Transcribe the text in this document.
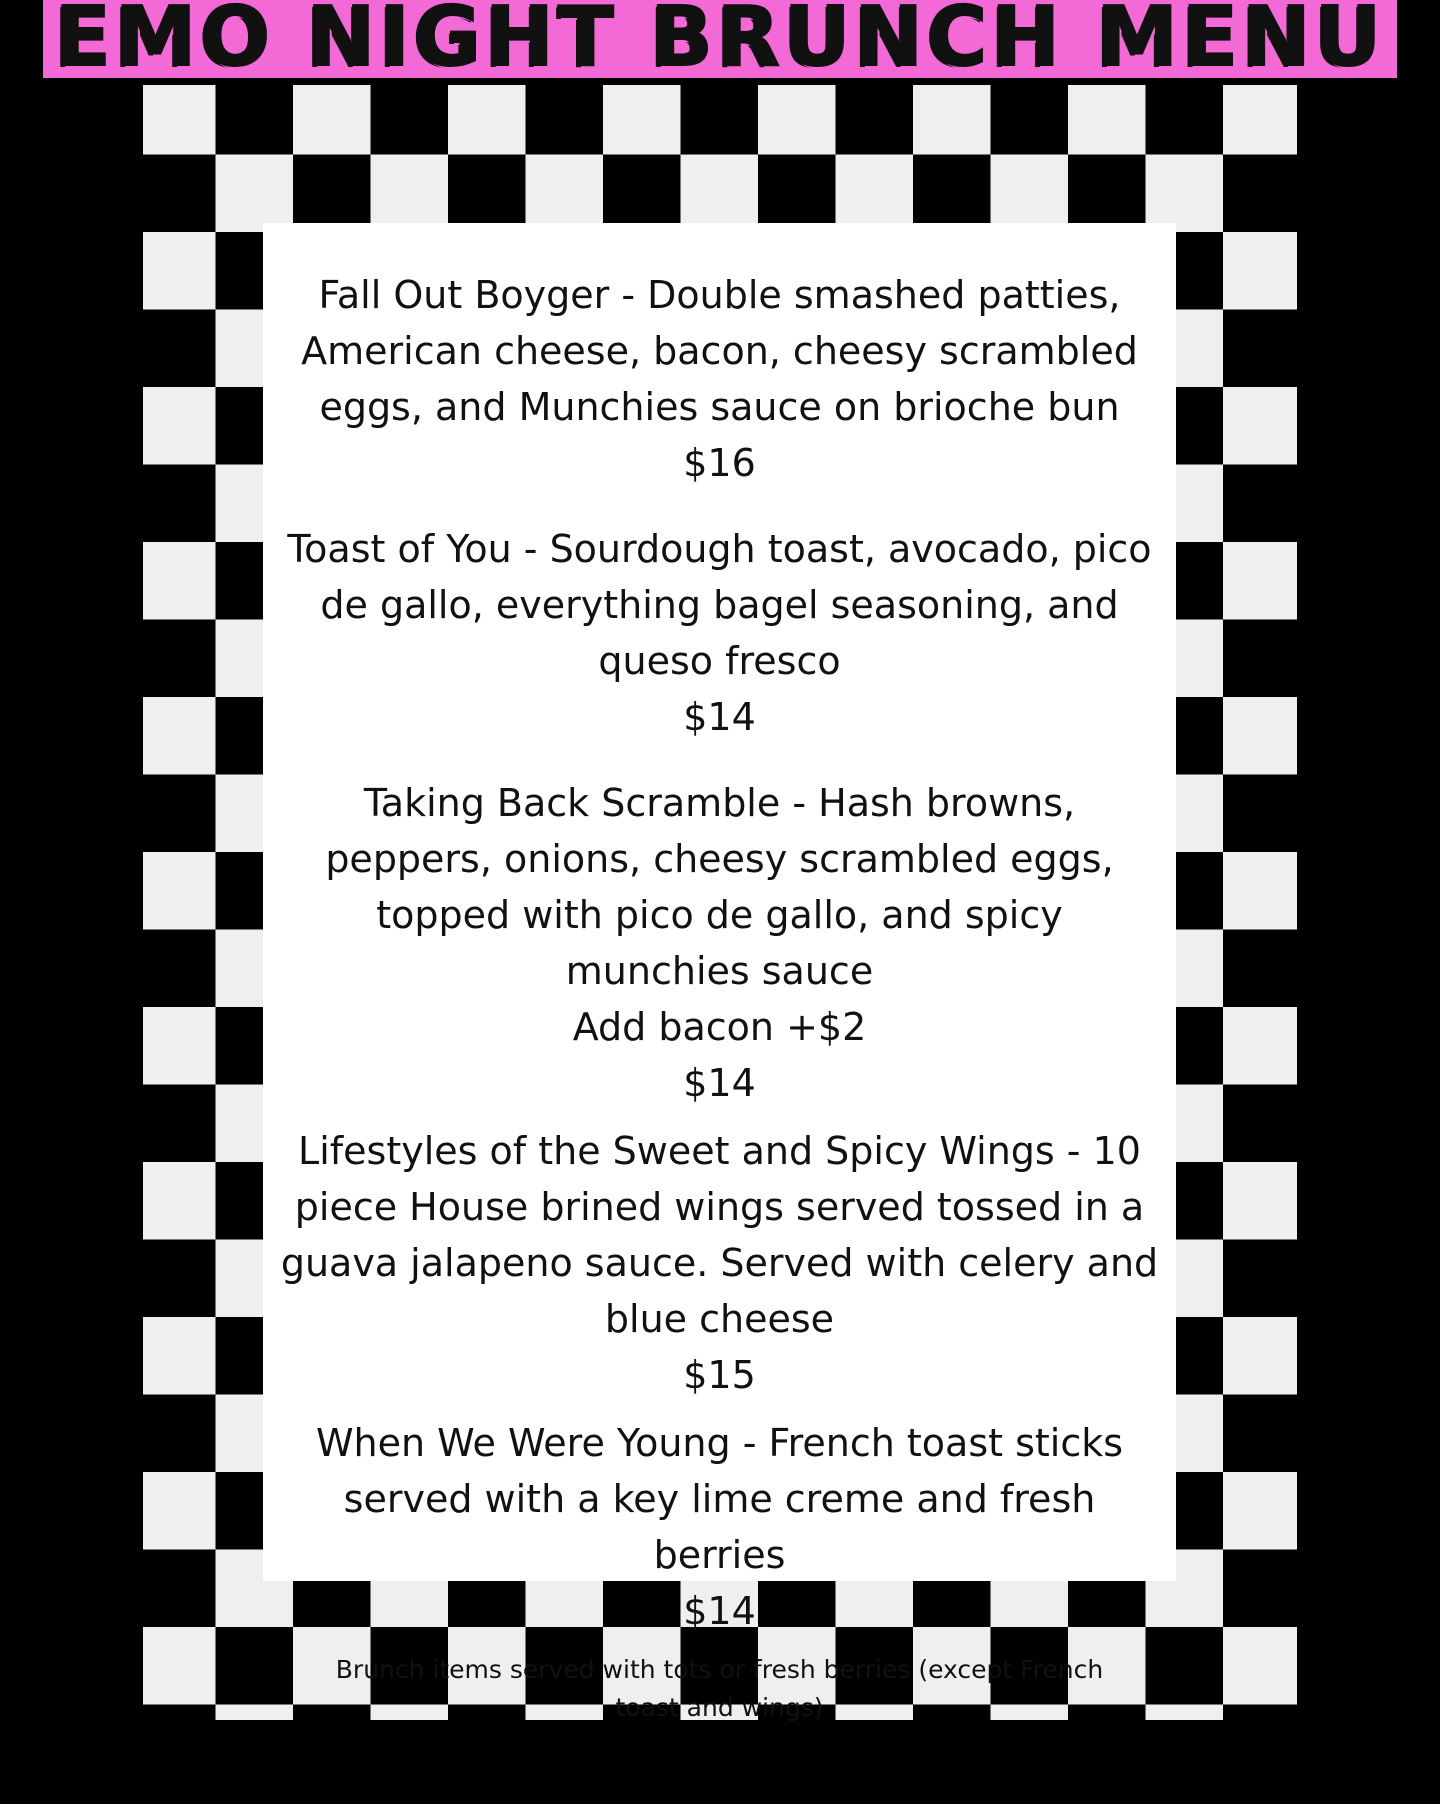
EMO NIGHT BRUNCH MENU
Fall Out Boyger - Double smashed patties, American cheese, bacon, cheesy scrambled eggs, and Munchies sauce on brioche bun
$16
Toast of You - Sourdough toast, avocado, pico de gallo, everything bagel seasoning, and queso fresco
$14
Taking Back Scramble - Hash browns, peppers, onions, cheesy scrambled eggs, topped with pico de gallo, and spicy munchies sauce
Add bacon +$2
$14
Lifestyles of the Sweet and Spicy Wings - 10 piece House brined wings served tossed in a guava jalapeno sauce. Served with celery and blue cheese
$15
When We Were Young - French toast sticks served with a key lime creme and fresh berries
$14

Brunch items served with tots or fresh berries (except French toast and wings)
